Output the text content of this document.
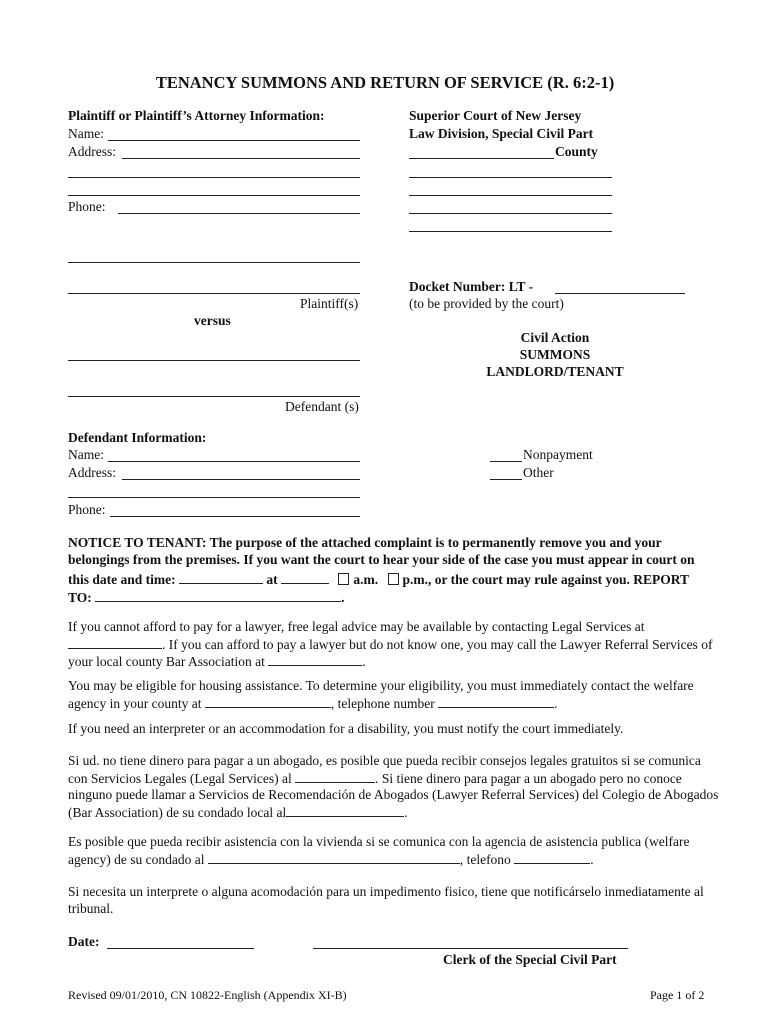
TENANCY SUMMONS AND RETURN OF SERVICE (R. 6:2-1)
Plaintiff or Plaintiff’s Attorney Information:
Name:
Address:
Phone:
Plaintiff(s)
versus
Defendant (s)
Defendant Information:
Name:
Address:
Phone:
Superior Court of New Jersey
Law Division, Special Civil Part
County
Docket Number: LT -
(to be provided by the court)
Civil Action
SUMMONS
LANDLORD/TENANT
Nonpayment
Other
NOTICE TO TENANT: The purpose of the attached complaint is to permanently remove you and your
belongings from the premises. If you want the court to hear your side of the case you must appear in court on
this date and time:	at	a.m. p.m., or the court may rule against you. REPORT
TO:	.
If you cannot afford to pay for a lawyer, free legal advice may be available by contacting Legal Services at
. If you can afford to pay a lawyer but do not know one, you may call the Lawyer Referral Services of
your local county Bar Association at	.
You may be eligible for housing assistance. To determine your eligibility, you must immediately contact the welfare
agency in your county at	, telephone number	.
If you need an interpreter or an accommodation for a disability, you must notify the court immediately.
Si ud. no tiene dinero para pagar a un abogado, es posible que pueda recibir consejos legales gratuitos si se comunica
con Servicios Legales (Legal Services) al	. Si tiene dinero para pagar a un abogado pero no conoce
ninguno puede llamar a Servicios de Recomendación de Abogados (Lawyer Referral Services) del Colegio de Abogados
(Bar Association) de su condado local al	.
Es posible que pueda recibir asistencia con la vivienda si se comunica con la agencia de asistencia publica (welfare
agency) de su condado al	, telefono	.
Si necesita un interprete o alguna acomodación para un impedimento fisico, tiene que notificárselo inmediatamente al
tribunal.
Date:
Clerk of the Special Civil Part
Revised 09/01/2010, CN 10822-English (Appendix XI-B)	Page 1 of 2
